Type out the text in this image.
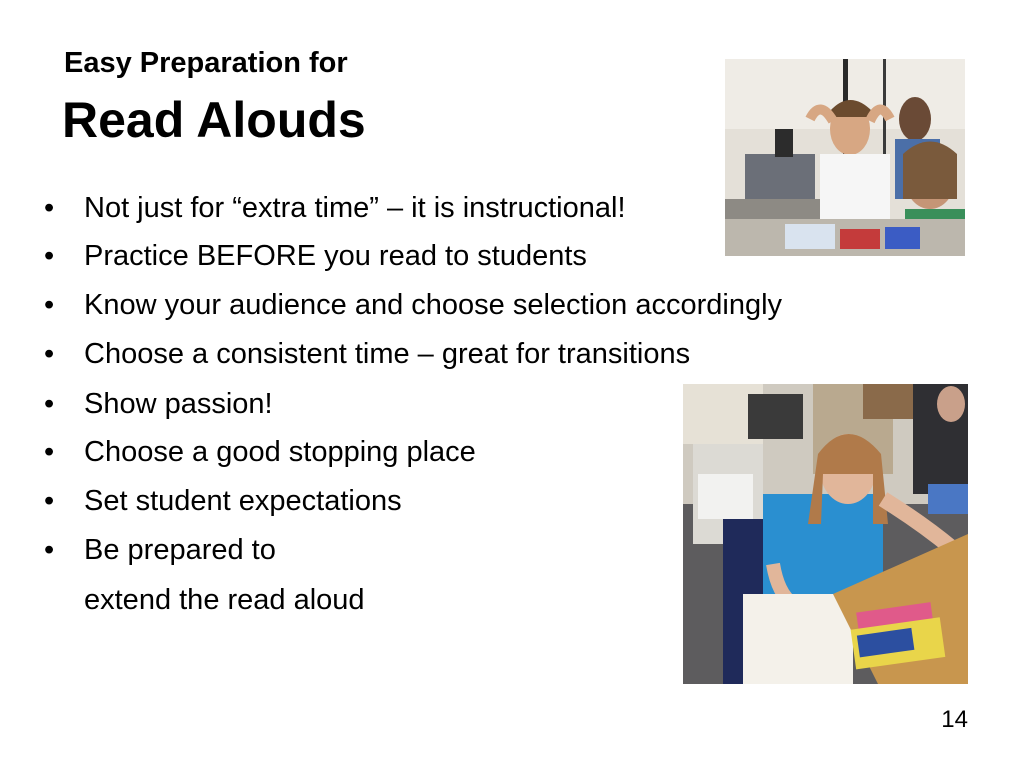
Easy Preparation for
Read Alouds
• Not just for “extra time” – it is instructional!
• Practice BEFORE you read to students
• Know your audience and choose selection accordingly
• Choose a consistent time – great for transitions
• Show passion!
• Choose a good stopping place
• Set student expectations
• Be prepared to
extend the read aloud
14
